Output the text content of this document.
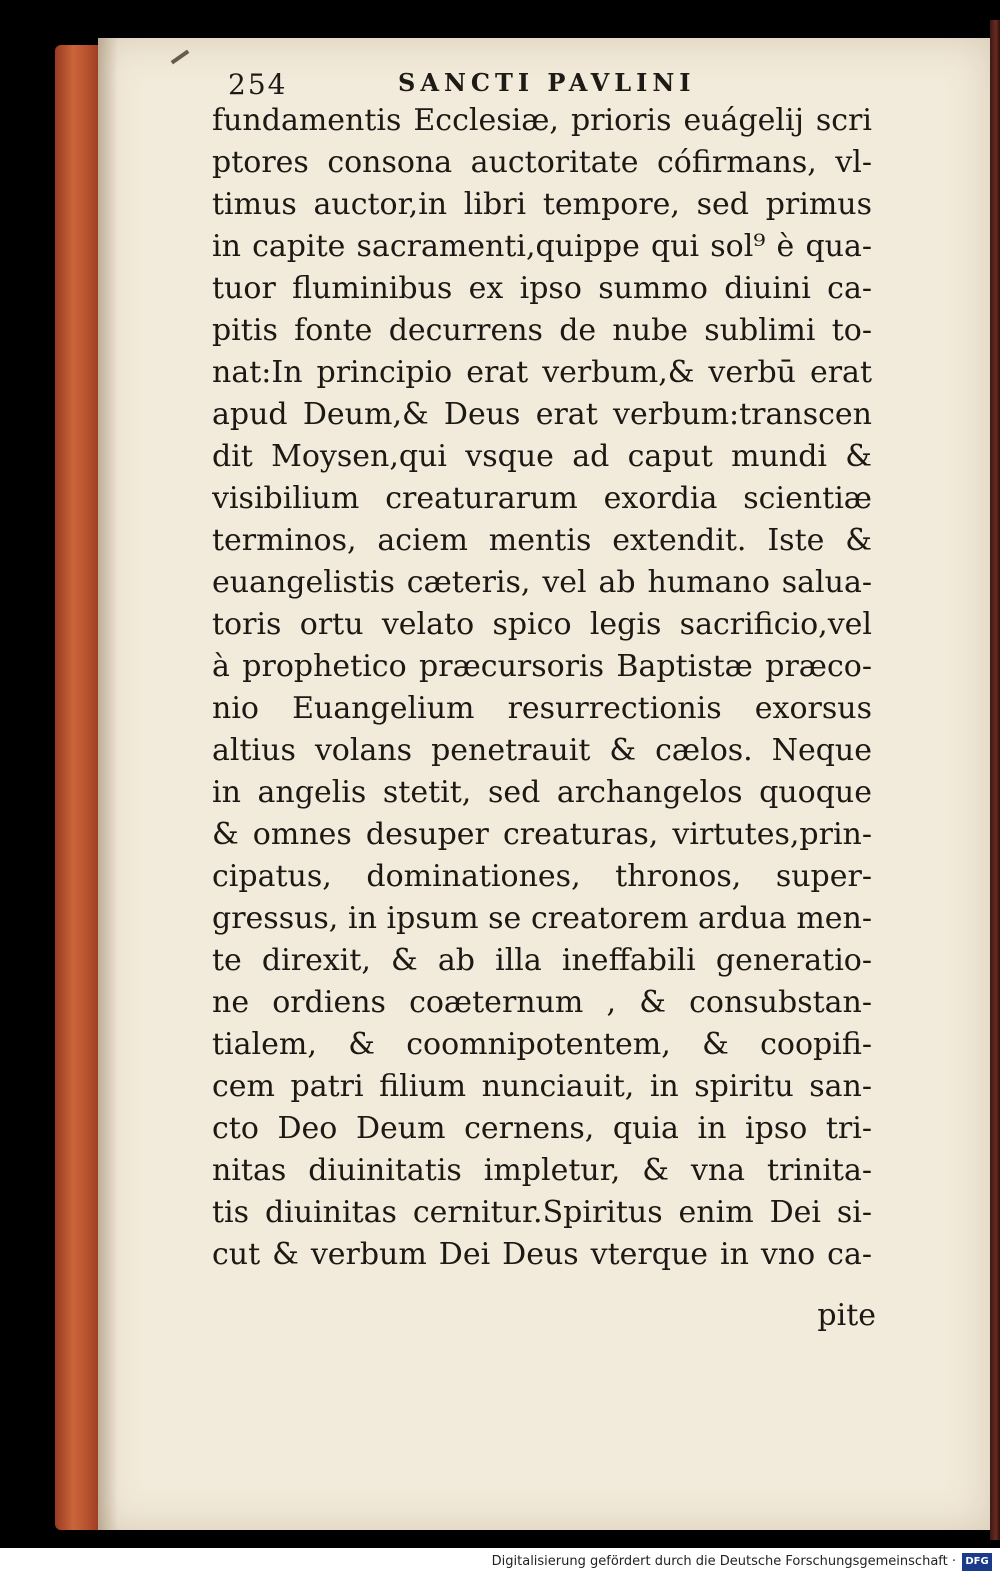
254	SANCTI PAVLINI
fundamentis Ecclesiæ, prioris euágelij scri
ptores consona auctoritate cófirmans, vl-
timus auctor,in libri tempore, sed primus
in capite sacramenti,quippe qui sol⁹ è qua-
tuor fluminibus ex ipso summo diuini ca-
pitis fonte decurrens de nube sublimi to-
nat:In principio erat verbum,& verbū erat
apud Deum,& Deus erat verbum:transcen
dit Moysen,qui vsque ad caput mundi &
visibilium creaturarum exordia scientiæ
terminos, aciem mentis extendit. Iste &
euangelistis cæteris, vel ab humano salua-
toris ortu velato spico legis sacrificio,vel
à prophetico præcursoris Baptistæ præco-
nio Euangelium resurrectionis exorsus
altius volans penetrauit & cælos. Neque
in angelis stetit, sed archangelos quoque
& omnes desuper creaturas, virtutes,prin-
cipatus, dominationes, thronos, super-
gressus, in ipsum se creatorem ardua men-
te direxit, & ab illa ineffabili generatio-
ne ordiens coæternum , & consubstan-
tialem, & coomnipotentem, & coopifi-
cem patri filium nunciauit, in spiritu san-
cto Deo Deum cernens, quia in ipso tri-
nitas diuinitatis impletur, & vna trinita-
tis diuinitas cernitur.Spiritus enim Dei si-
cut & verbum Dei Deus vterque in vno ca-
pite
Digitalisierung gefördert durch die Deutsche Forschungsgemeinschaft · DFG
